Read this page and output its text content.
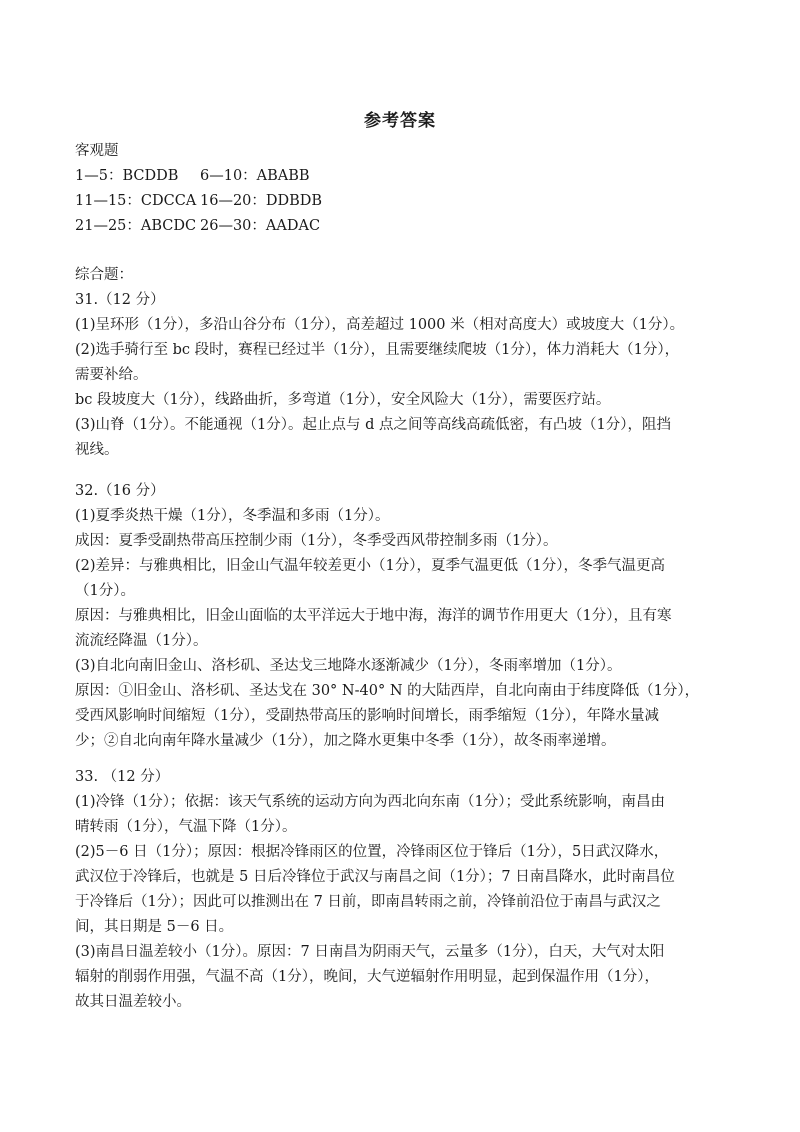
参考答案
客观题
1—5：BCDDB 6—10：ABABB
11—15：CDCCA 16—20：DDBDB
21—25：ABCDC 26—30：AADAC
综合题：
31.（12 分）
(1)呈环形（1分），多沿山谷分布（1分），高差超过 1000 米（相对高度大）或坡度大（1分）。
(2)选手骑行至 bc 段时，赛程已经过半（1分），且需要继续爬坡（1分），体力消耗大（1分），
需要补给。
bc 段坡度大（1分），线路曲折，多弯道（1分），安全风险大（1分），需要医疗站。
(3)山脊（1分）。不能通视（1分）。起止点与 d 点之间等高线高疏低密，有凸坡（1分），阻挡
视线。
32.（16 分）
(1)夏季炎热干燥（1分），冬季温和多雨（1分）。
成因：夏季受副热带高压控制少雨（1分），冬季受西风带控制多雨（1分）。
(2)差异：与雅典相比，旧金山气温年较差更小（1分），夏季气温更低（1分），冬季气温更高
（1分）。
原因：与雅典相比，旧金山面临的太平洋远大于地中海，海洋的调节作用更大（1分），且有寒
流流经降温（1分）。
(3)自北向南旧金山、洛杉矶、圣达戈三地降水逐渐减少（1分），冬雨率增加（1分）。
原因：①旧金山、洛杉矶、圣达戈在 30° N-40° N 的大陆西岸，自北向南由于纬度降低（1分），
受西风影响时间缩短（1分），受副热带高压的影响时间增长，雨季缩短（1分），年降水量减
少；②自北向南年降水量减少（1分），加之降水更集中冬季（1分），故冬雨率递增。
33. （12 分）
(1)冷锋（1分）；依据：该天气系统的运动方向为西北向东南（1分）；受此系统影响，南昌由
晴转雨（1分），气温下降（1分）。
(2)5－6 日（1分）；原因：根据冷锋雨区的位置，冷锋雨区位于锋后（1分），5日武汉降水，
武汉位于冷锋后，也就是 5 日后冷锋位于武汉与南昌之间（1分）；7 日南昌降水，此时南昌位
于冷锋后（1分）；因此可以推测出在 7 日前，即南昌转雨之前，冷锋前沿位于南昌与武汉之
间，其日期是 5－6 日。
(3)南昌日温差较小（1分）。原因：7 日南昌为阴雨天气，云量多（1分），白天，大气对太阳
辐射的削弱作用强，气温不高（1分），晚间，大气逆辐射作用明显，起到保温作用（1分），
故其日温差较小。
